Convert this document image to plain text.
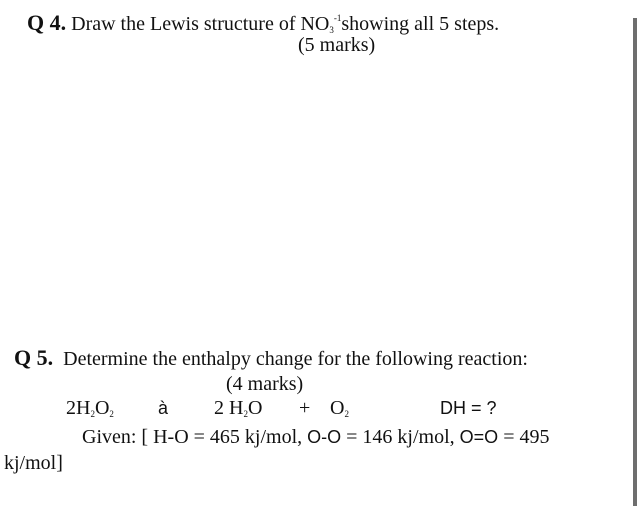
Q 4. Draw the Lewis structure of $NO_3^{-1}showing$ all 5 steps.
(5 marks)
Q 5. Determine the enthalpy change for the following reaction:
(4 marks)
$2H_2O_2$ à 2 $H_2O + O_2$	DH = ?
Given: [ H-O = 465 kj/mol, O-O = 146 kj/mol, O=O = 495
kj/mol]
